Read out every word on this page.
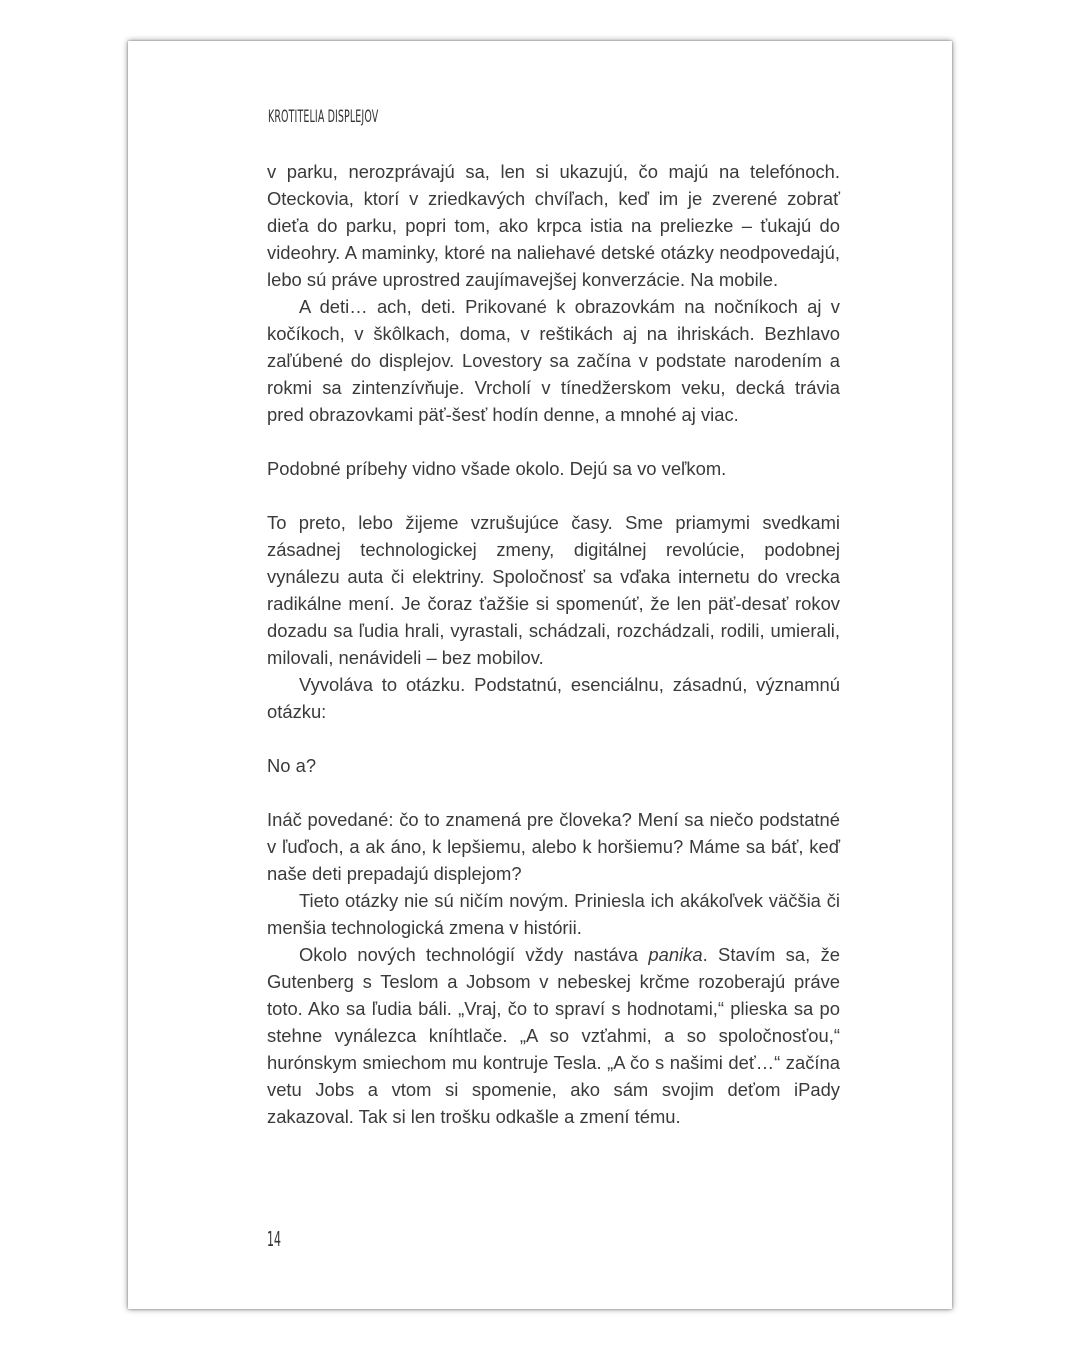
KROTITELIA DISPLEJOV

v parku, nerozprávajú sa, len si ukazujú, čo majú na telefónoch. Oteckovia, ktorí v zriedkavých chvíľach, keď im je zverené zobrať dieťa do parku, popri tom, ako krpca istia na preliezke – ťukajú do videohry. A maminky, ktoré na naliehavé detské otázky neodpovedajú, lebo sú práve uprostred zaujímavejšej konverzácie. Na mobile.

A deti… ach, deti. Prikované k obrazovkám na nočníkoch aj v kočíkoch, v škôlkach, doma, v reštikách aj na ihriskách. Bezhlavo zaľúbené do displejov. Lovestory sa začína v podstate narodením a rokmi sa zintenzívňuje. Vrcholí v tínedžerskom veku, decká trávia pred obrazovkami päť-šesť hodín denne, a mnohé aj viac.

Podobné príbehy vidno všade okolo. Dejú sa vo veľkom.

To preto, lebo žijeme vzrušujúce časy. Sme priamymi svedkami zásadnej technologickej zmeny, digitálnej revolúcie, podobnej vynálezu auta či elektriny. Spoločnosť sa vďaka internetu do vrecka radikálne mení. Je čoraz ťažšie si spomenúť, že len päť-desať rokov dozadu sa ľudia hrali, vyrastali, schádzali, rozchádzali, rodili, umierali, milovali, nenávideli – bez mobilov.

Vyvoláva to otázku. Podstatnú, esenciálnu, zásadnú, významnú otázku:

No a?

Ináč povedané: čo to znamená pre človeka? Mení sa niečo podstatné v ľuďoch, a ak áno, k lepšiemu, alebo k horšiemu? Máme sa báť, keď naše deti prepadajú displejom?

Tieto otázky nie sú ničím novým. Priniesla ich akákoľvek väčšia či menšia technologická zmena v histórii.

Okolo nových technológií vždy nastáva panika. Stavím sa, že Gutenberg s Teslom a Jobsom v nebeskej krčme rozoberajú práve toto. Ako sa ľudia báli. „Vraj, čo to spraví s hodnotami,“ plieska sa po stehne vynálezca kníhtlače. „A so vzťahmi, a so spoločnosťou,“ hurónskym smiechom mu kontruje Tesla. „A čo s našimi deť…“ začína vetu Jobs a vtom si spomenie, ako sám svojim deťom iPady zakazoval. Tak si len trošku odkašle a zmení tému.

14
